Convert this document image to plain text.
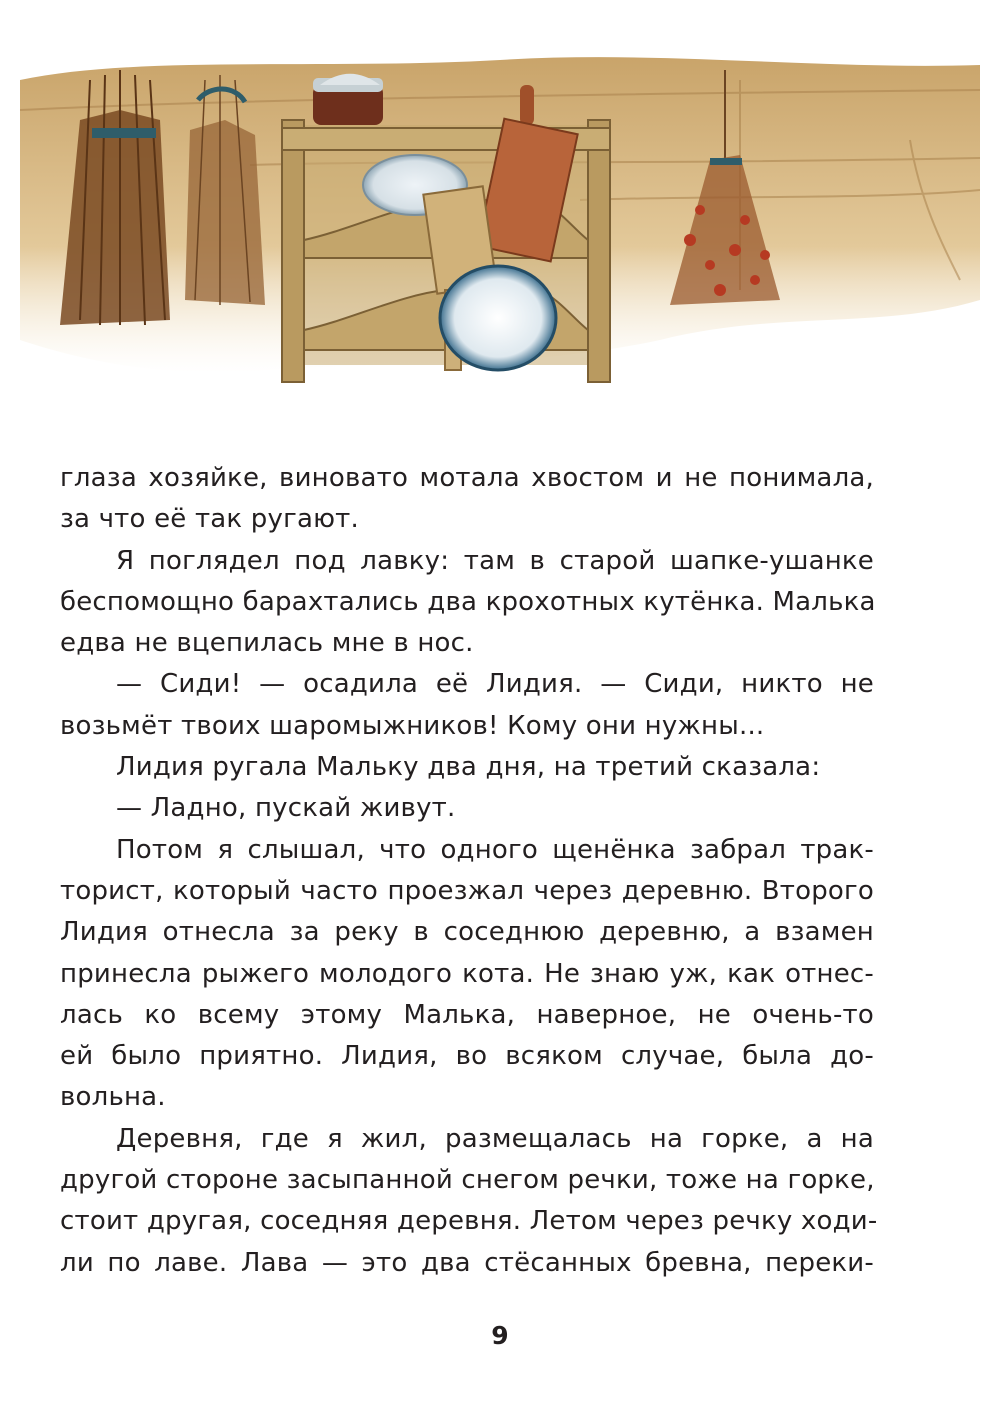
глаза хозяйке, виновато мотала хвостом и не понимала,
за что её так ругают.
Я поглядел под лавку: там в старой шапке-ушанке
беспомощно барахтались два крохотных кутёнка. Малька
едва не вцепилась мне в нос.
— Сиди! — осадила её Лидия. — Сиди, никто не
возьмёт твоих шаромыжников! Кому они нужны...
Лидия ругала Мальку два дня, на третий сказала:
— Ладно, пускай живут.
Потом я слышал, что одного щенёнка забрал трак-
торист, который часто проезжал через деревню. Второго
Лидия отнесла за реку в соседнюю деревню, а взамен
принесла рыжего молодого кота. Не знаю уж, как отнес-
лась ко всему этому Малька, наверное, не очень-то
ей было приятно. Лидия, во всяком случае, была до-
вольна.
Деревня, где я жил, размещалась на горке, а на
другой стороне засыпанной снегом речки, тоже на горке,
стоит другая, соседняя деревня. Летом через речку ходи-
ли по лаве. Лава — это два стёсанных бревна, переки-
9
